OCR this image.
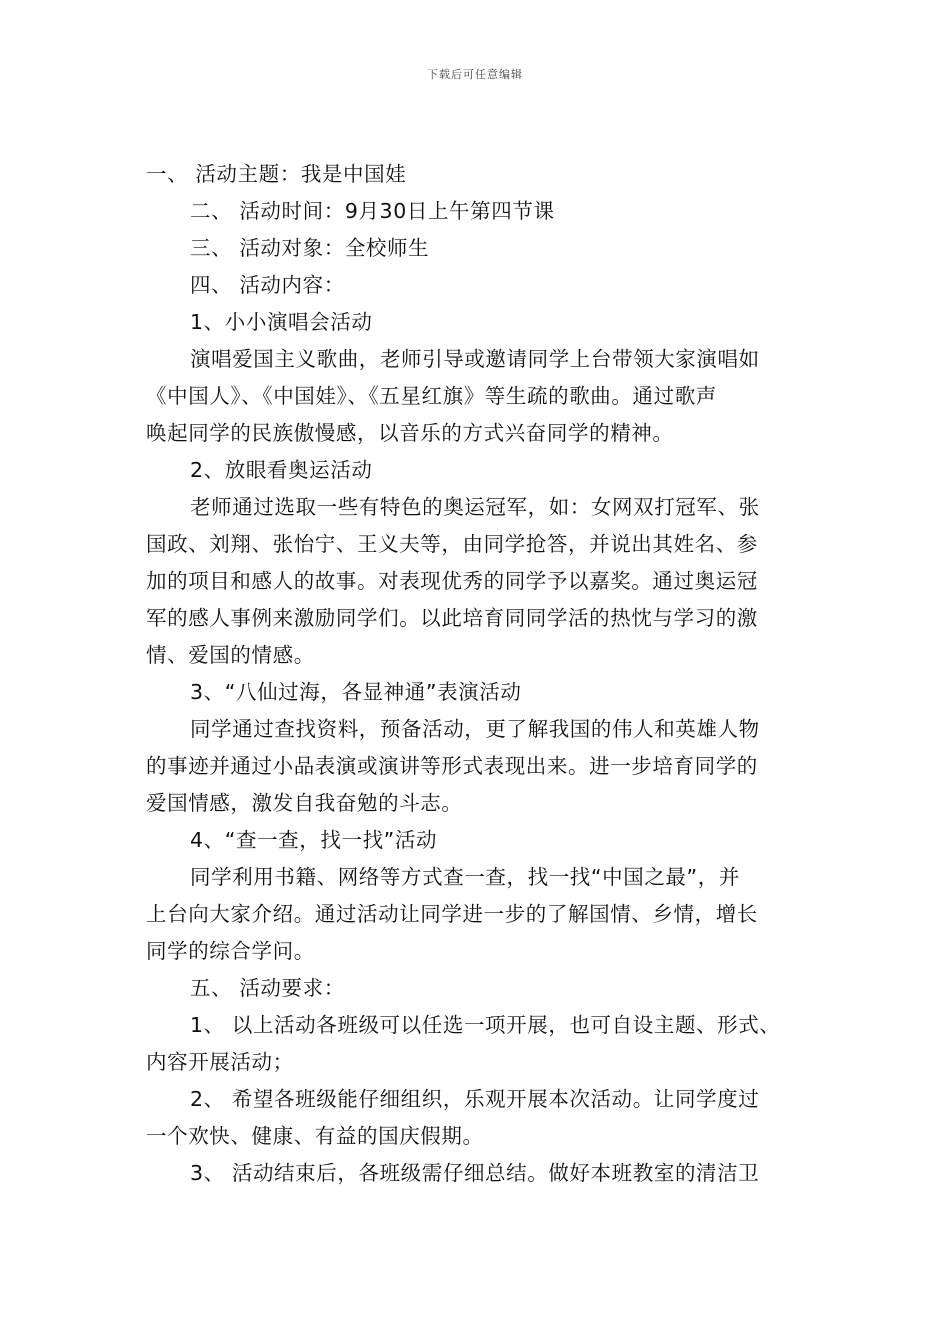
下载后可任意编辑
一、 活动主题：我是中国娃
二、 活动时间：9月30日上午第四节课
三、 活动对象：全校师生
四、 活动内容：
1、小小演唱会活动
演唱爱国主义歌曲，老师引导或邀请同学上台带领大家演唱如
《中国人》、《中国娃》、《五星红旗》等生疏的歌曲。通过歌声
唤起同学的民族傲慢感，以音乐的方式兴奋同学的精神。
2、放眼看奥运活动
老师通过选取一些有特色的奥运冠军，如：女网双打冠军、张
国政、刘翔、张怡宁、王义夫等，由同学抢答，并说出其姓名、参
加的项目和感人的故事。对表现优秀的同学予以嘉奖。通过奥运冠
军的感人事例来激励同学们。以此培育同同学活的热忱与学习的激
情、爱国的情感。
3、“八仙过海，各显神通”表演活动
同学通过查找资料，预备活动，更了解我国的伟人和英雄人物
的事迹并通过小品表演或演讲等形式表现出来。进一步培育同学的
爱国情感，激发自我奋勉的斗志。
4、“查一查，找一找”活动
同学利用书籍、网络等方式查一查，找一找“中国之最”，并
上台向大家介绍。通过活动让同学进一步的了解国情、乡情，增长
同学的综合学问。
五、 活动要求：
1、 以上活动各班级可以任选一项开展，也可自设主题、形式、
内容开展活动；
2、 希望各班级能仔细组织，乐观开展本次活动。让同学度过
一个欢快、健康、有益的国庆假期。
3、 活动结束后，各班级需仔细总结。做好本班教室的清洁卫
